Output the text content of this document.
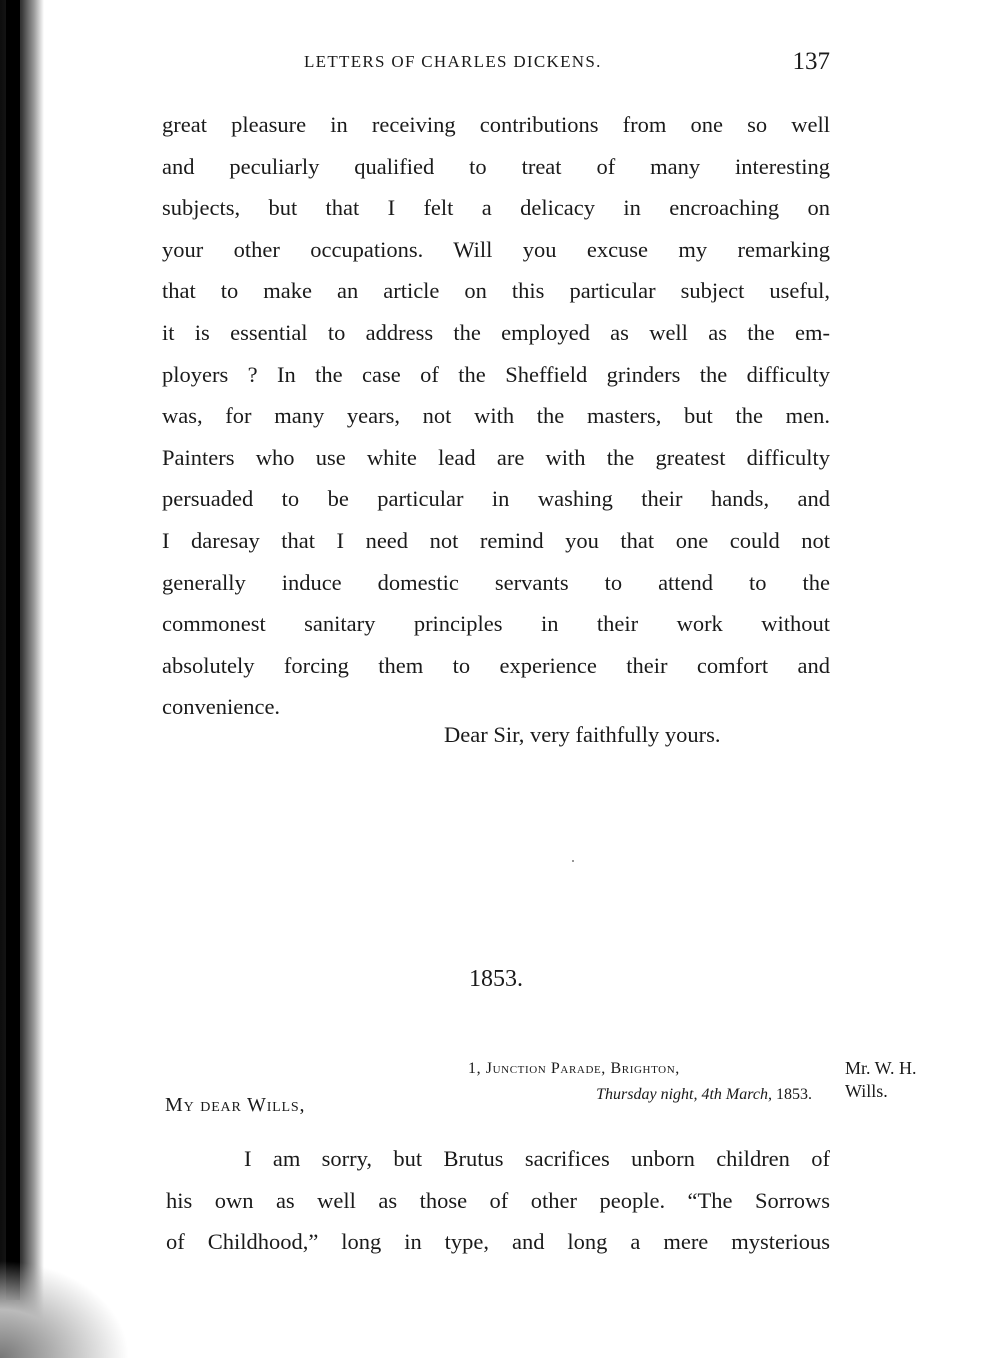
LETTERS OF CHARLES DICKENS.	137
great pleasure in receiving contributions from one so well
and peculiarly qualified to treat of many interesting
subjects, but that I felt a delicacy in encroaching on
your other occupations. Will you excuse my remarking
that to make an article on this particular subject useful,
it is essential to address the employed as well as the em-
ployers ? In the case of the Sheffield grinders the difficulty
was, for many years, not with the masters, but the men.
Painters who use white lead are with the greatest difficulty
persuaded to be particular in washing their hands, and
I daresay that I need not remind you that one could not
generally induce domestic servants to attend to the
commonest sanitary principles in their work without
absolutely forcing them to experience their comfort and
convenience.
Dear Sir, very faithfully yours.
1853.
1, Junction Parade, Brighton,
Thursday night, 4th March, 1853.
Mr. W. H.
Wills.
My dear Wills,
I am sorry, but Brutus sacrifices unborn children of
his own as well as those of other people. “The Sorrows
of Childhood,” long in type, and long a mere mysterious
